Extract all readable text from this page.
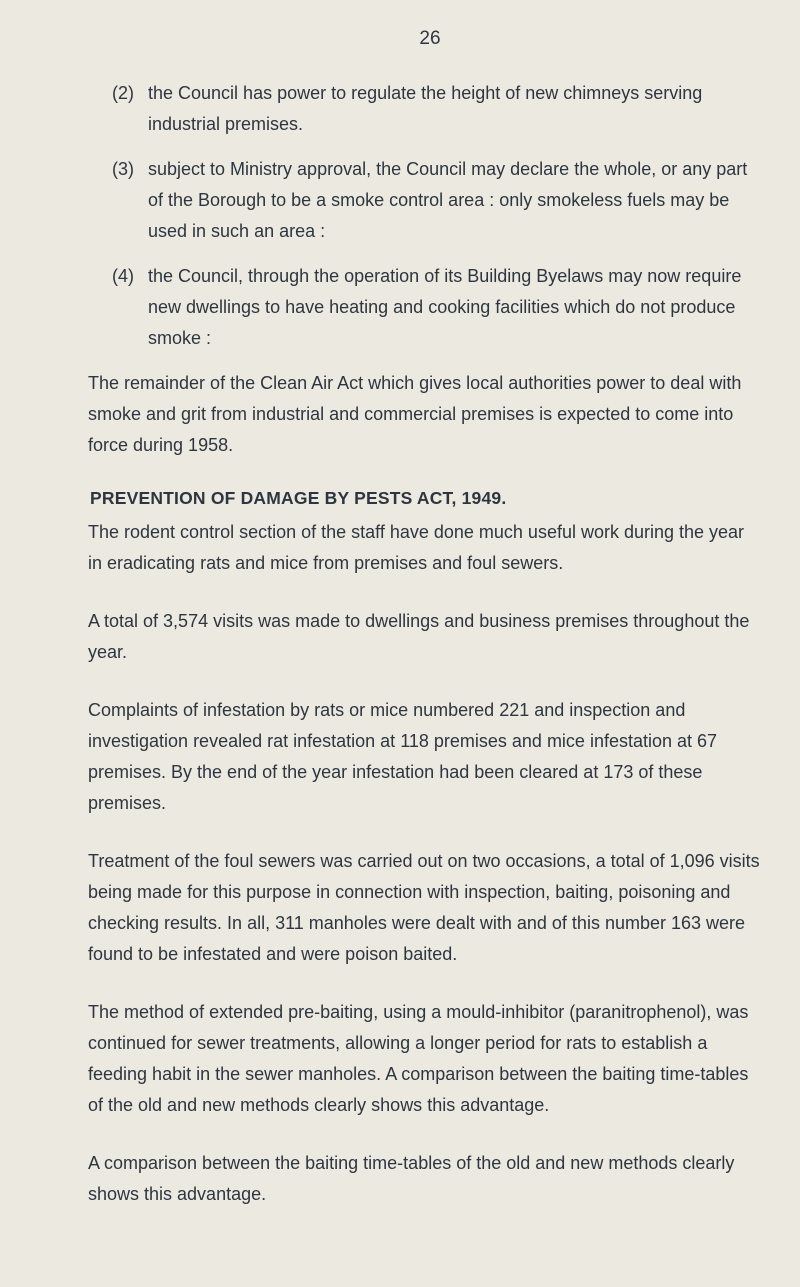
26
(2) the Council has power to regulate the height of new chimneys serving industrial premises.
(3) subject to Ministry approval, the Council may declare the whole, or any part of the Borough to be a smoke control area : only smokeless fuels may be used in such an area :
(4) the Council, through the operation of its Building Byelaws may now require new dwellings to have heating and cooking facilities which do not produce smoke :

The remainder of the Clean Air Act which gives local authorities power to deal with smoke and grit from industrial and commercial premises is expected to come into force during 1958.

PREVENTION OF DAMAGE BY PESTS ACT, 1949.

The rodent control section of the staff have done much useful work during the year in eradicating rats and mice from premises and foul sewers.

A total of 3,574 visits was made to dwellings and business premises throughout the year.

Complaints of infestation by rats or mice numbered 221 and inspection and investigation revealed rat infestation at 118 premises and mice infestation at 67 premises. By the end of the year infestation had been cleared at 173 of these premises.

Treatment of the foul sewers was carried out on two occasions, a total of 1,096 visits being made for this purpose in connection with inspection, baiting, poisoning and checking results. In all, 311 manholes were dealt with and of this number 163 were found to be infestated and were poison baited.

The method of extended pre-baiting, using a mould-inhibitor (paranitrophenol), was continued for sewer treatments, allowing a longer period for rats to establish a feeding habit in the sewer manholes. A comparison between the baiting time-tables of the old and new methods clearly shows this advantage.

A comparison between the baiting time-tables of the old and new methods clearly shows this advantage.
